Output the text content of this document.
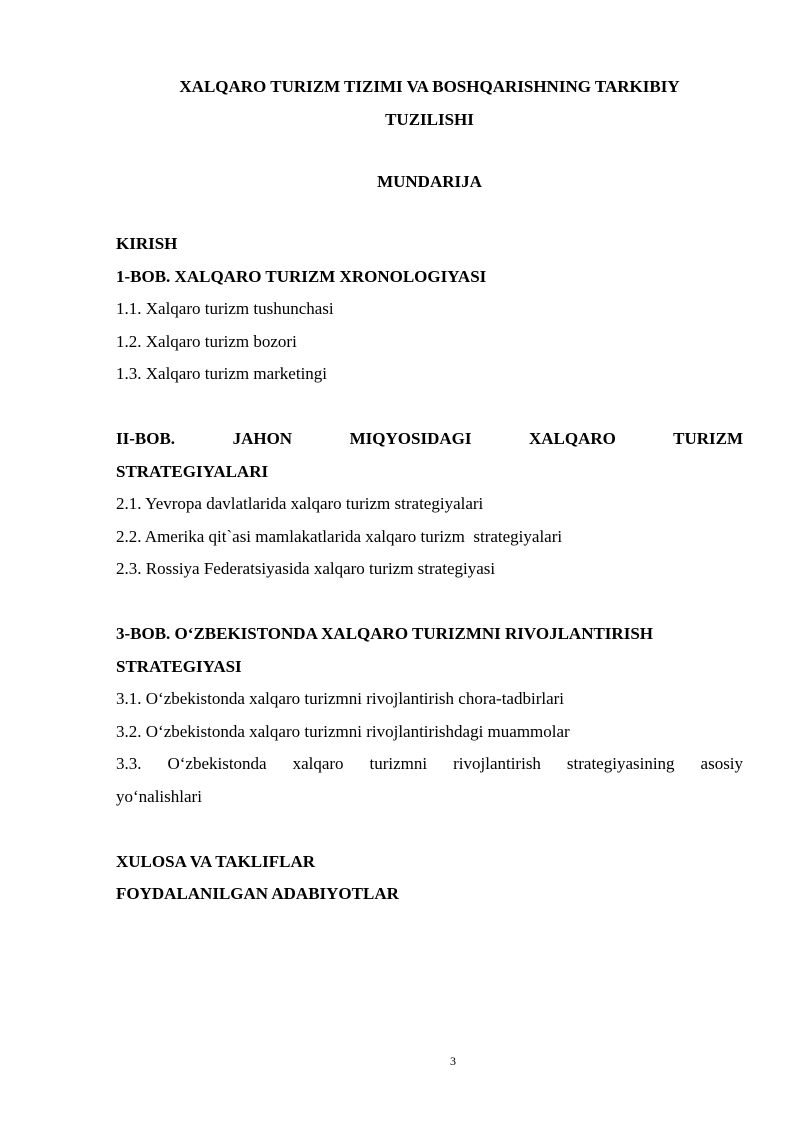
XALQARO TURIZM TIZIMI VA BOSHQARISHNING TARKIBIY

TUZILISHI

MUNDARIJA

KIRISH

1-BOB. XALQARO TURIZM XRONOLOGIYASI

1.1. Xalqaro turizm tushunchasi

1.2. Xalqaro turizm bozori

1.3. Xalqaro turizm marketingi

II-BOB.	JAHON	MIQYOSIDAGI	XALQARO	TURIZM

STRATEGIYALARI

2.1. Yevropa davlatlarida xalqaro turizm strategiyalari

2.2. Amerika qit`asi mamlakatlarida xalqaro turizm  strategiyalari

2.3. Rossiya Federatsiyasida xalqaro turizm strategiyasi

3-BOB. O‘ZBEKISTONDA XALQARO TURIZMNI RIVOJLANTIRISH

STRATEGIYASI

3.1. O‘zbekistonda xalqaro turizmni rivojlantirish chora-tadbirlari

3.2. O‘zbekistonda xalqaro turizmni rivojlantirishdagi muammolar

3.3. O‘zbekistonda xalqaro turizmni rivojlantirish strategiyasining asosiy

yo‘nalishlari

XULOSA VA TAKLIFLAR

FOYDALANILGAN ADABIYOTLAR

3
